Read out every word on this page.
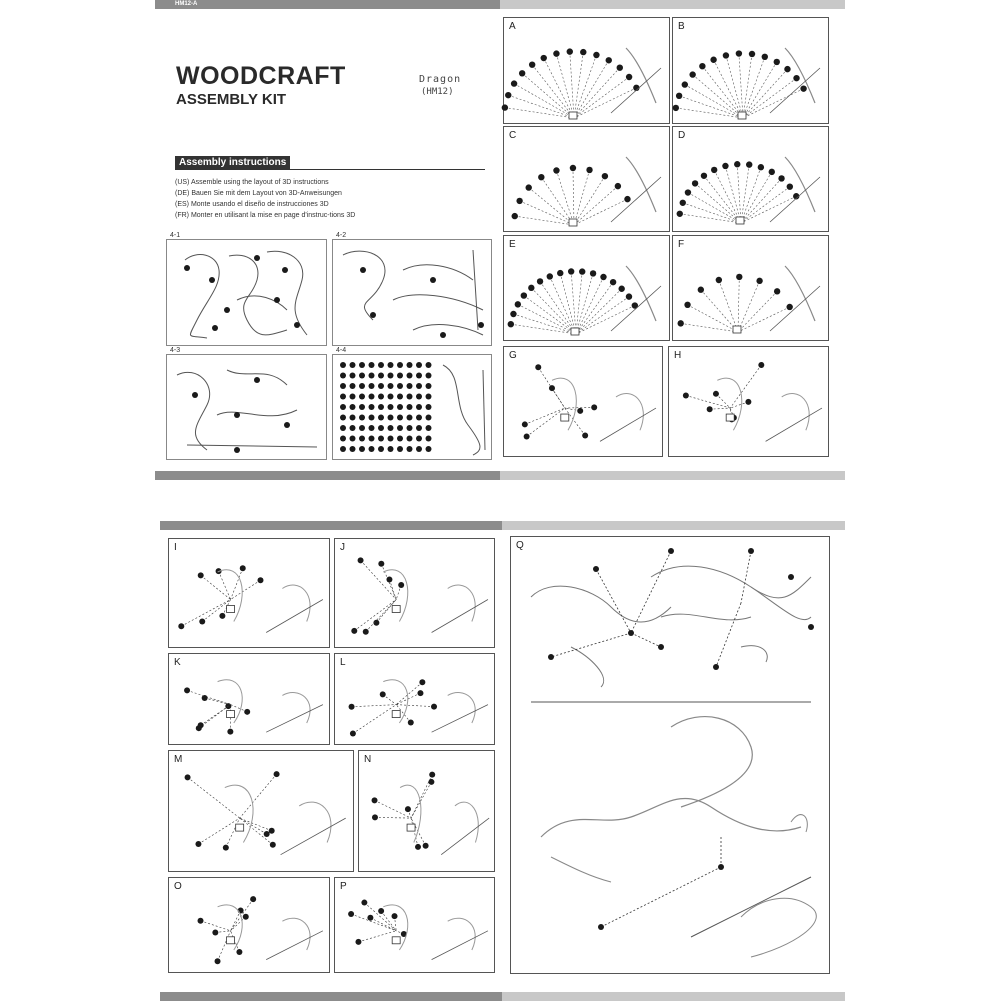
HM12-A
WOODCRAFT
ASSEMBLY KIT
Dragon
(HM12)
Assembly instructions
(US) Assemble using the layout of 3D instructions
(DE) Bauen Sie mit dem Layout von 3D-Anweisungen
(ES) Monte usando el diseño de instrucciones 3D
(FR) Monter en utilisant la mise en page d'instruc-tions 3D
4-1	4-2
4-3	4-4
A	B
C	D
E	F
G	H
I	J
K	L
M	N
O	P
Q
